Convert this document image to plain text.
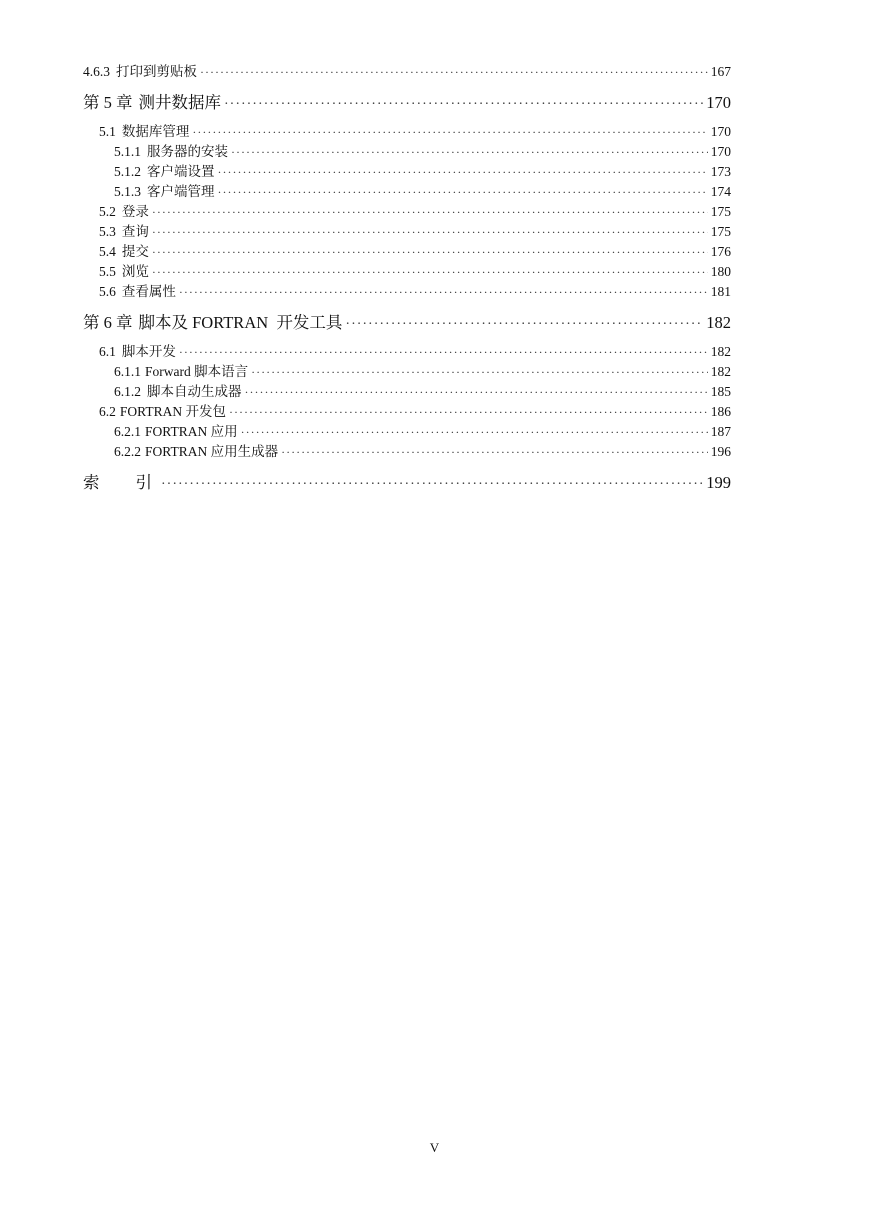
4.6.3 打印到剪贴板 ·····	167
第 5 章 测井数据库 ·····	170
5.1 数据库管理 ·····	170
5.1.1 服务器的安装 ·····	170
5.1.2 客户端设置 ·····	173
5.1.3 客户端管理 ·····	174
5.2 登录 ·····	175
5.3 查询 ·····	175
5.4 提交 ·····	176
5.5 浏览 ·····	180
5.6 查看属性 ·····	181
第 6 章 脚本及 FORTRAN  开发工具 ·····	182
6.1 脚本开发 ·····	182
6.1.1 Forward 脚本语言 ·····	182
6.1.2 脚本自动生成器 ·····	185
6.2 FORTRAN 开发包 ·····	186
6.2.1 FORTRAN 应用 ·····	187
6.2.2 FORTRAN 应用生成器 ·····	196
索引 ·····	199
V
